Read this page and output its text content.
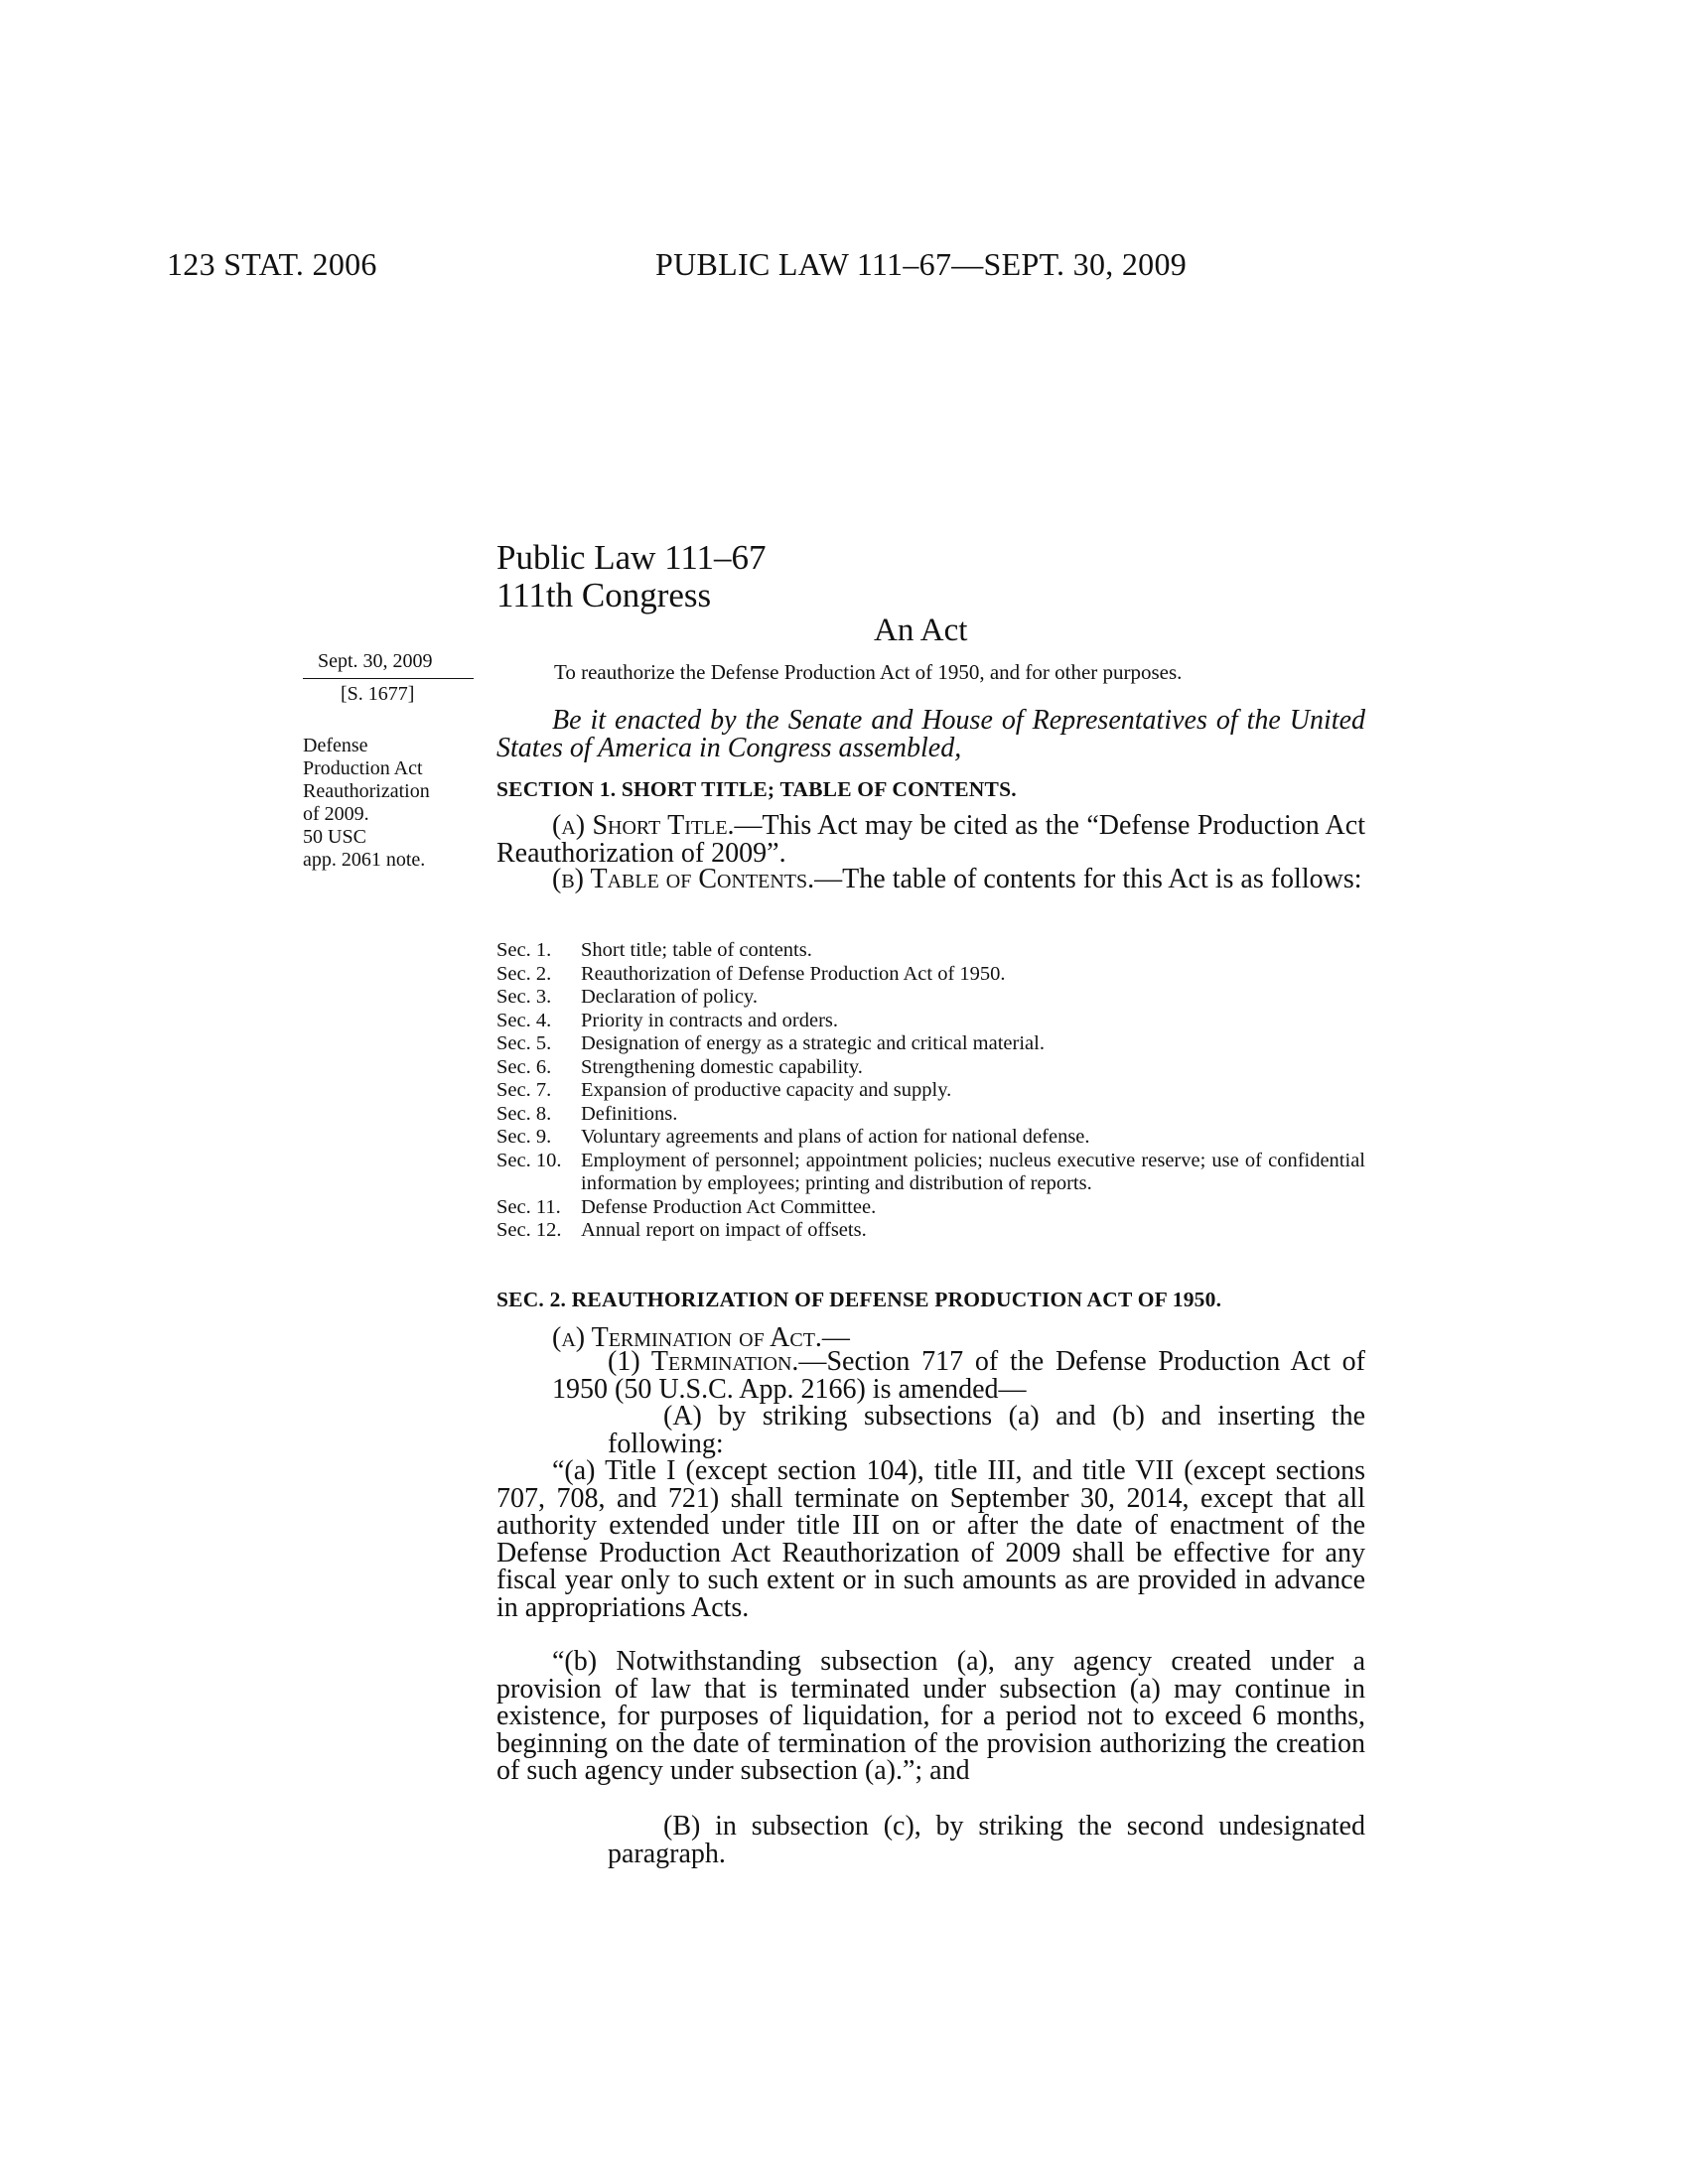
123 STAT. 2006	PUBLIC LAW 111–67—SEPT. 30, 2009
Public Law 111–67
111th Congress
An Act
Sept. 30, 2009
[S. 1677]
Defense
Production Act
Reauthorization
of 2009.
50 USC
app. 2061 note.
To reauthorize the Defense Production Act of 1950, and for other purposes.
Be it enacted by the Senate and House of Representatives of the United States of America in Congress assembled,
SECTION 1. SHORT TITLE; TABLE OF CONTENTS.
(a) Short Title.—This Act may be cited as the “Defense Production Act Reauthorization of 2009”.
(b) Table of Contents.—The table of contents for this Act is as follows:
Sec. 1.	Short title; table of contents.
Sec. 2.	Reauthorization of Defense Production Act of 1950.
Sec. 3.	Declaration of policy.
Sec. 4.	Priority in contracts and orders.
Sec. 5.	Designation of energy as a strategic and critical material.
Sec. 6.	Strengthening domestic capability.
Sec. 7.	Expansion of productive capacity and supply.
Sec. 8.	Definitions.
Sec. 9.	Voluntary agreements and plans of action for national defense.
Sec. 10. Employment of personnel; appointment policies; nucleus executive reserve; use of confidential information by employees; printing and distribution of reports.
Sec. 11. Defense Production Act Committee.
Sec. 12. Annual report on impact of offsets.
SEC. 2. REAUTHORIZATION OF DEFENSE PRODUCTION ACT OF 1950.
(a) Termination of Act.—
(1) Termination.—Section 717 of the Defense Production Act of 1950 (50 U.S.C. App. 2166) is amended—
(A) by striking subsections (a) and (b) and inserting the following:
“(a) Title I (except section 104), title III, and title VII (except sections 707, 708, and 721) shall terminate on September 30, 2014, except that all authority extended under title III on or after the date of enactment of the Defense Production Act Reauthorization of 2009 shall be effective for any fiscal year only to such extent or in such amounts as are provided in advance in appropriations Acts.
“(b) Notwithstanding subsection (a), any agency created under a provision of law that is terminated under subsection (a) may continue in existence, for purposes of liquidation, for a period not to exceed 6 months, beginning on the date of termination of the provision authorizing the creation of such agency under subsection (a).”; and
(B) in subsection (c), by striking the second undesignated paragraph.
